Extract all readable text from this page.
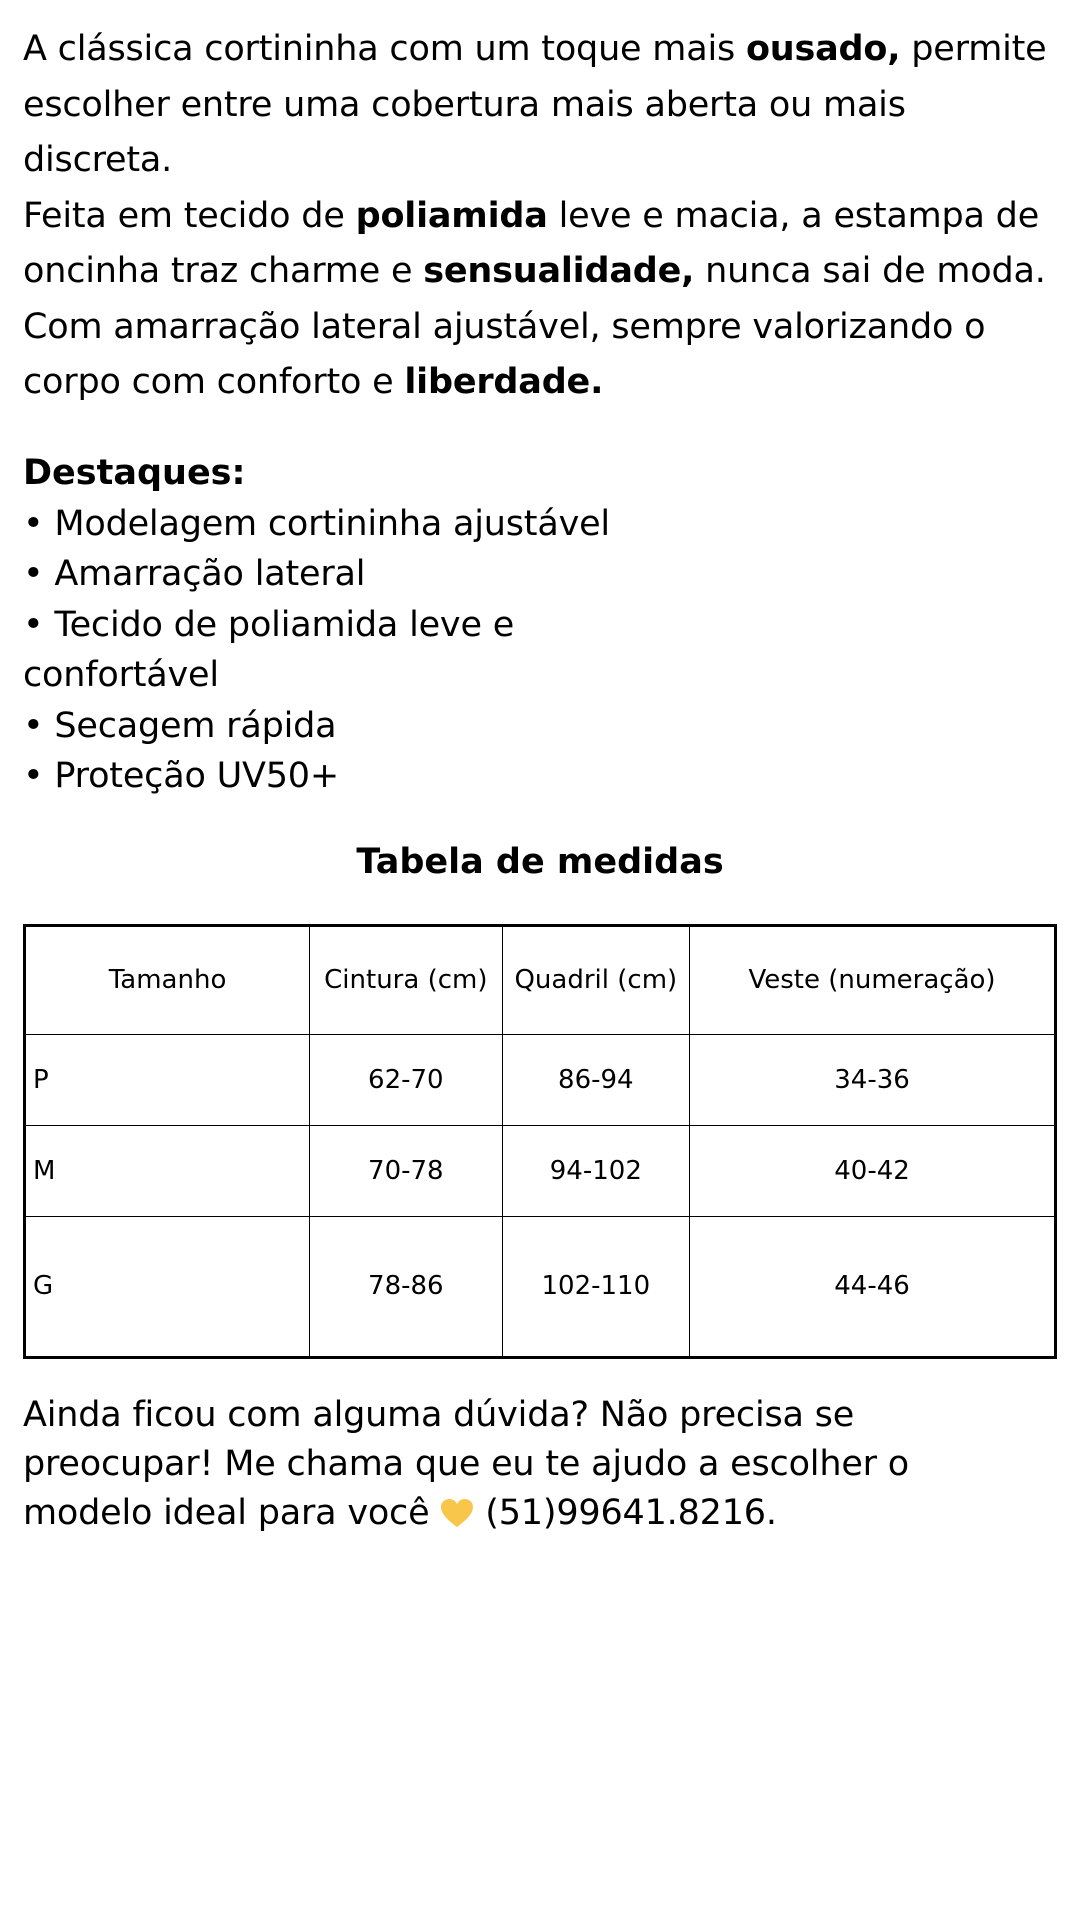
A clássica cortininha com um toque mais ousado, permite escolher entre uma cobertura mais aberta ou mais discreta.

Feita em tecido de poliamida leve e macia, a estampa de oncinha traz charme e sensualidade, nunca sai de moda.

Com amarração lateral ajustável, sempre valorizando o corpo com conforto e liberdade.

Destaques:
• Modelagem cortininha ajustável
• Amarração lateral
• Tecido de poliamida leve e confortável
• Secagem rápida
• Proteção UV50+
Tabela de medidas
Tamanho	Cintura (cm)	Quadril (cm)	Veste (numeração)
P	62-70	86-94	34-36
M	70-78	94-102	40-42
G	78-86	102-110	44-46
Ainda ficou com alguma dúvida? Não precisa se preocupar! Me chama que eu te ajudo a escolher o modelo ideal para você  (51)99641.8216.
